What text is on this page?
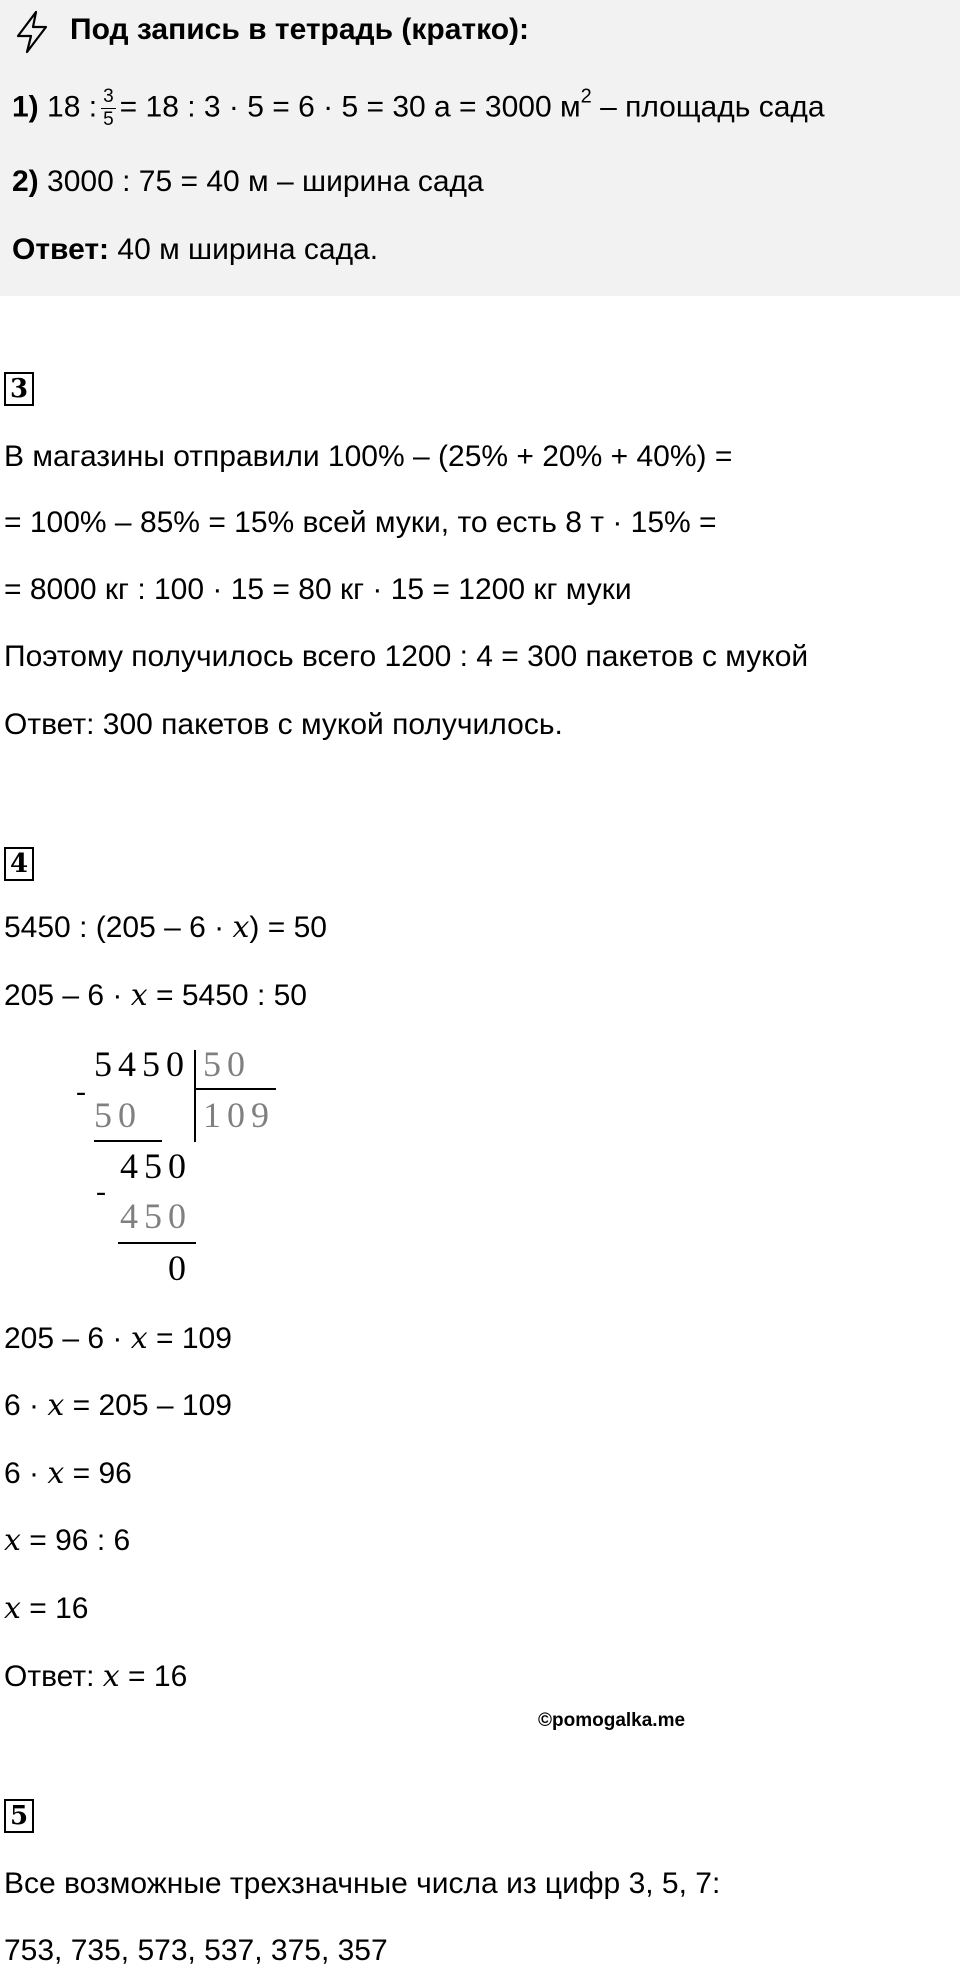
Под запись в тетрадь (кратко):
1) 18 : $\frac{3}{5} = 18$ : 3 · 5 = 6 · 5 = 30 а = 3000 $м^2$ – площадь сада
2) 3000 : 75 = 40 м – ширина сада
Ответ: 40 м ширина сада.
3
В магазины отправили 100% – (25% + 20% + 40%) =
= 100% – 85% = 15% всей муки, то есть 8 т · 15% =
= 8000 кг : 100 · 15 = 80 кг · 15 = 1200 кг муки
Поэтому получилось всего 1200 : 4 = 300 пакетов с мукой
Ответ: 300 пакетов с мукой получилось.
4
5450 : (205 – 6 · x) = 50
205 – 6 · x = 5450 : 50
5450 50
109
-
50
450
-
450
0
205 – 6 · x = 109
6 · x = 205 – 109
6 · x = 96
x = 96 : 6
x = 16
Ответ: x = 16
©pomogalka.me
5
Все возможные трехзначные числа из цифр 3, 5, 7:
753, 735, 573, 537, 375, 357
